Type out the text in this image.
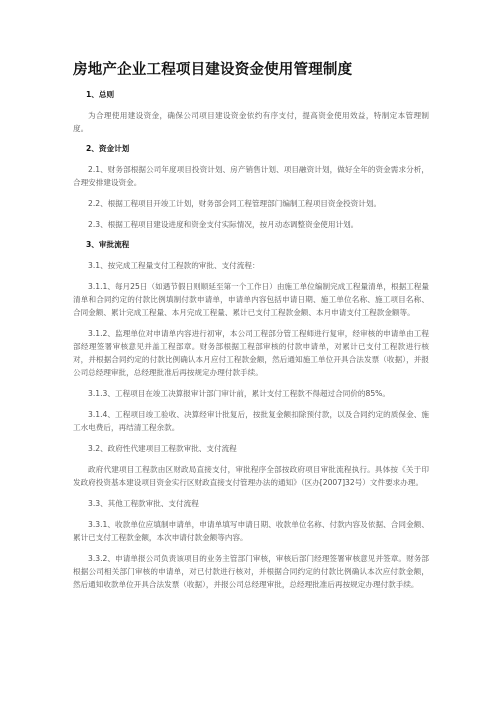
房地产企业工程项目建设资金使用管理制度
1、总则
为合理使用建设资金，确保公司项目建设资金依约有序支付，提高资金使用效益，特制定本管理制度。
2、资金计划
2.1、财务部根据公司年度项目投资计划、房产销售计划、项目融资计划，做好全年的资金需求分析，合理安排建设资金。
2.2、根据工程项目开竣工计划，财务部会同工程管理部门编制工程项目资金投资计划。
2.3、根据工程项目建设进度和资金支付实际情况，按月动态调整资金使用计划。
3、审批流程
3.1、按完成工程量支付工程款的审批、支付流程：
3.1.1、每月25日（如遇节假日则顺延至第一个工作日）由施工单位编制完成工程量清单，根据工程量清单和合同约定的付款比例填制付款申请单，申请单内容包括申请日期、施工单位名称、施工项目名称、合同金额、累计完成工程量、本月完成工程量、累计已支付工程款金额、本月申请支付工程款金额等。
3.1.2、监理单位对申请单内容进行初审，本公司工程部分管工程师进行复审，经审核的申请单由工程部经理签署审核意见并盖工程部章。财务部根据工程部审核的付款申请单，对累计已支付工程款进行核对，并根据合同约定的付款比例确认本月应付工程款金额，然后通知施工单位开具合法发票（收据），并报公司总经理审批，总经理批准后再按规定办理付款手续。
3.1.3、工程项目在竣工决算报审计部门审计前，累计支付工程款不得超过合同价的85%。
3.1.4、工程项目竣工验收、决算经审计批复后，按批复金额扣除预付款，以及合同约定的质保金、施工水电费后，再结清工程余款。
3.2、政府性代建项目工程款审批、支付流程
政府代建项目工程款由区财政局直接支付，审批程序全部按政府项目审批流程执行。具体按《关于印发政府投资基本建设项目资金实行区财政直接支付管理办法的通知》（区办[2007]32号）文件要求办理。
3.3、其他工程款审批、支付流程
3.3.1、收款单位应填制申请单，申请单填写申请日期、收款单位名称、付款内容及依据、合同金额、累计已支付工程款金额，本次申请付款金额等内容。
3.3.2、申请单报公司负责该项目的业务主管部门审核，审核后部门经理签署审核意见并签章。财务部根据公司相关部门审核的申请单，对已付款进行核对，并根据合同约定的付款比例确认本次应付款金额，然后通知收款单位开具合法发票（收据），并报公司总经理审批，总经理批准后再按规定办理付款手续。
